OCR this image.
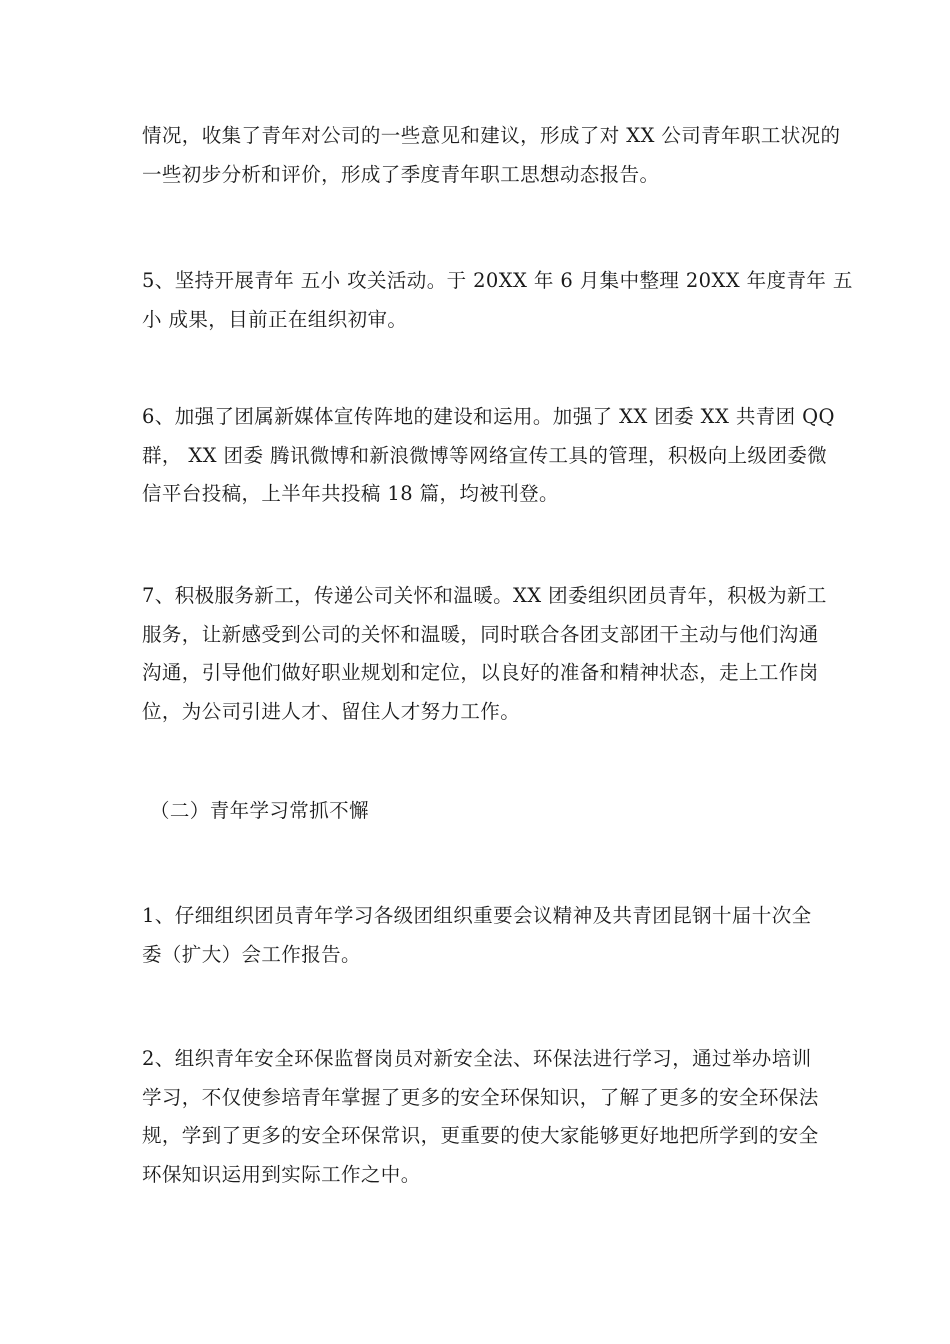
情况，收集了青年对公司的一些意见和建议，形成了对 XX 公司青年职工状况的
一些初步分析和评价，形成了季度青年职工思想动态报告。

5、坚持开展青年 五小 攻关活动。于 20XX 年 6 月集中整理 20XX 年度青年 五
小 成果，目前正在组织初审。

6、加强了团属新媒体宣传阵地的建设和运用。加强了 XX 团委 XX 共青团 QQ
群， XX 团委 腾讯微博和新浪微博等网络宣传工具的管理，积极向上级团委微
信平台投稿，上半年共投稿 18 篇，均被刊登。

7、积极服务新工，传递公司关怀和温暖。XX 团委组织团员青年，积极为新工
服务，让新感受到公司的关怀和温暖，同时联合各团支部团干主动与他们沟通
沟通，引导他们做好职业规划和定位，以良好的准备和精神状态，走上工作岗
位，为公司引进人才、留住人才努力工作。

（二）青年学习常抓不懈

1、仔细组织团员青年学习各级团组织重要会议精神及共青团昆钢十届十次全
委（扩大）会工作报告。

2、组织青年安全环保监督岗员对新安全法、环保法进行学习，通过举办培训
学习，不仅使参培青年掌握了更多的安全环保知识，了解了更多的安全环保法
规，学到了更多的安全环保常识，更重要的使大家能够更好地把所学到的安全
环保知识运用到实际工作之中。
